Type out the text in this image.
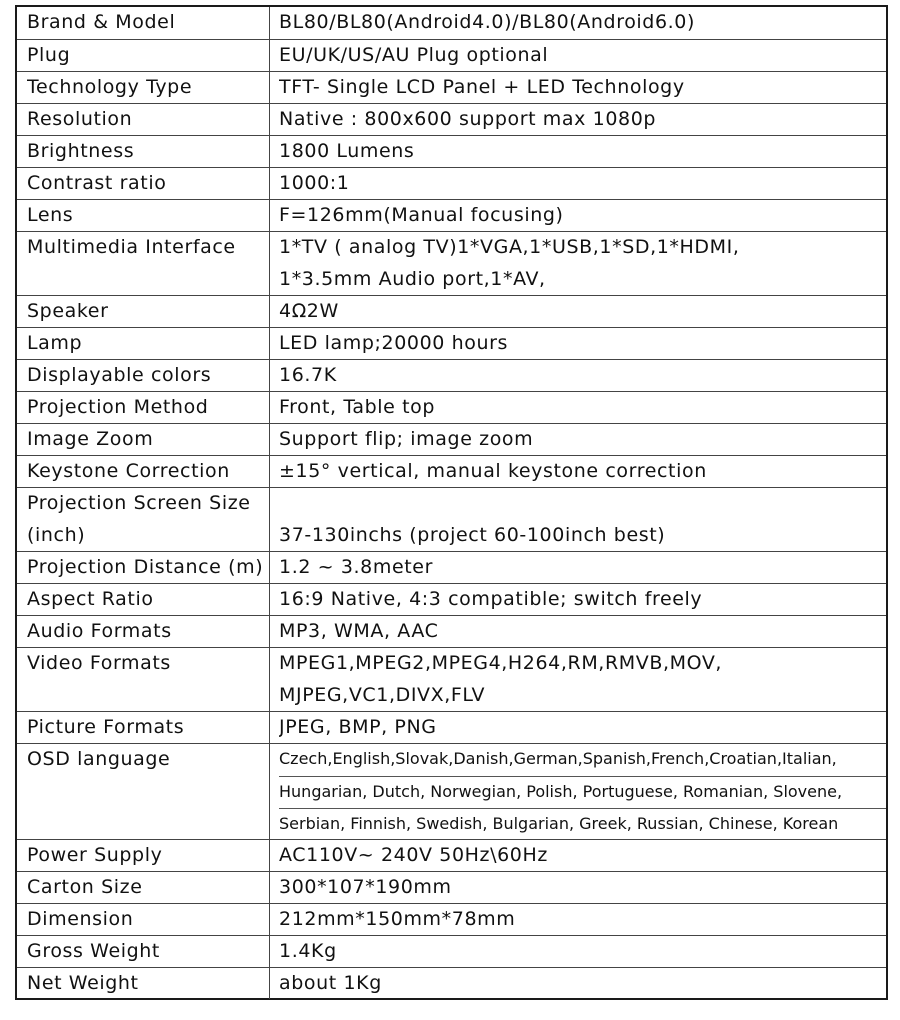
Brand & Model	BL80/BL80(Android4.0)/BL80(Android6.0)
Plug	EU/UK/US/AU Plug optional
Technology Type	TFT- Single LCD Panel + LED Technology
Resolution	Native : 800x600 support max 1080p
Brightness	1800 Lumens
Contrast ratio	1000:1
Lens	F=126mm(Manual focusing)
Multimedia Interface	1*TV ( analog TV)1*VGA,1*USB,1*SD,1*HDMI,
1*3.5mm Audio port,1*AV,
Speaker	4Ω2W
Lamp	LED lamp;20000 hours
Displayable colors	16.7K
Projection Method	Front, Table top
Image Zoom	Support flip; image zoom
Keystone Correction	±15° vertical, manual keystone correction
Projection Screen Size
(inch)	37-130inchs (project 60-100inch best)
Projection Distance (m) 1.2 ~ 3.8meter
Aspect Ratio	16:9 Native, 4:3 compatible; switch freely
Audio Formats	MP3, WMA, AAC
Video Formats	MPEG1,MPEG2,MPEG4,H264,RM,RMVB,MOV,
MJPEG,VC1,DIVX,FLV
Picture Formats	JPEG, BMP, PNG
OSD language	Czech,English,Slovak,Danish,German,Spanish,French,Croatian,Italian,
Hungarian, Dutch, Norwegian, Polish, Portuguese, Romanian, Slovene,
Serbian, Finnish, Swedish, Bulgarian, Greek, Russian, Chinese, Korean
Power Supply	AC110V~ 240V 50Hz\60Hz
Carton Size	300*107*190mm
Dimension	212mm*150mm*78mm
Gross Weight	1.4Kg
Net Weight	about 1Kg
